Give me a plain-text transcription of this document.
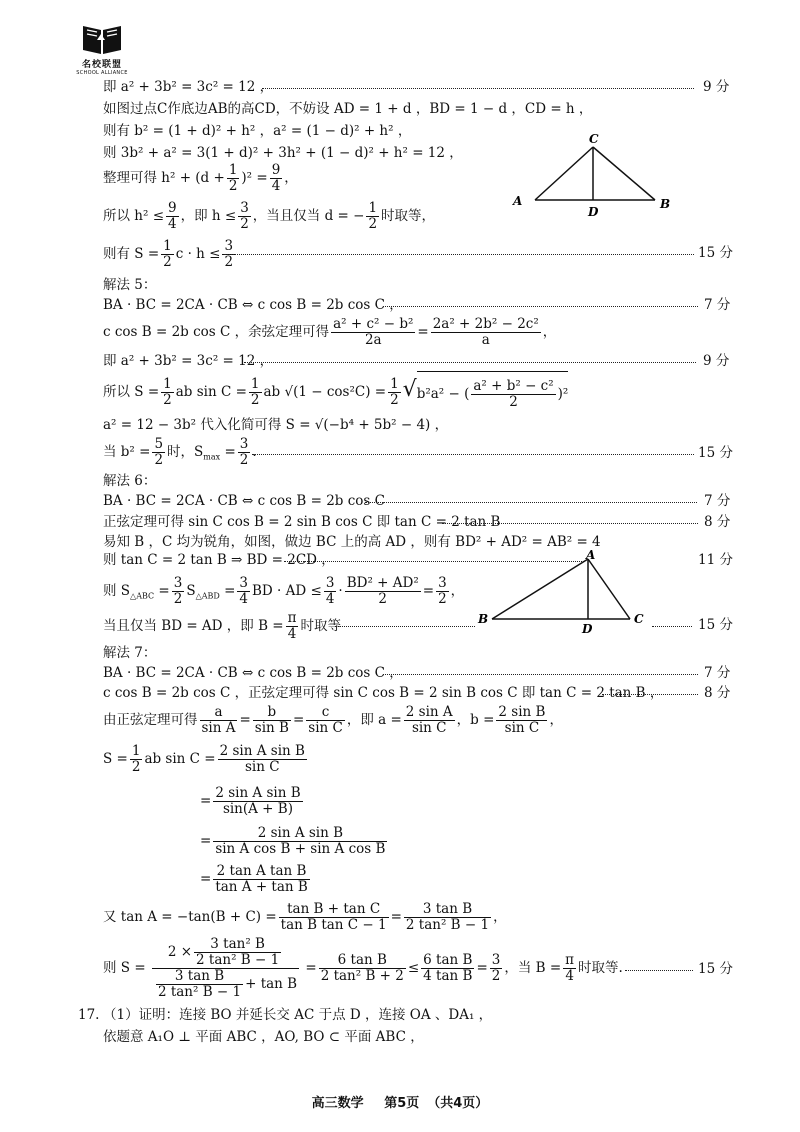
名校联盟
SCHOOL ALLIANCE
即 a² + 3b² = 3c² = 12 ，	9 分
如图过点C作底边AB的高CD，不妨设 AD = 1 + d ，BD = 1 − d ，CD = h ，
则有 b² = (1 + d)² + h² ，a² = (1 − d)² + h² ，
则 3b² + a² = 3(1 + d)² + 3h² + (1 − d)² + h² = 12 ，
整理可得 $h^2 + (d + \frac{1}{2} )^2 = \frac{9}{4}$ ，
所以 $h^2 \le \frac{9}{4}$ ，即 $h \le \frac{3}{2}$ ，当且仅当 d = − $\frac{1}{2}$ 时取等，
C
A
D
B
则有 $S = \frac{1}{2}$ $c \cdot h \le \frac{3}{2}$	15 分
解法 5：
BA · BC = 2CA · CB ⇔ c cos B = 2b cos C ，	7 分
c cos B = 2b cos C ，余弦定理可得 $\frac{\text{a² + c² − b²}}{2a} = \frac{\text{2a² + 2b² − 2c²}}{a}$ ，
即 a² + 3b² = 3c² = 12 ，	9 分
所以 $S = \frac{1}{2}$ ab $\sin C = \frac{1}{2}$ ab $√(1 - \cos^2C) = \frac{1}{2} √b^2a^2$ − ( $\frac{\text{a² + b² − c²}}{2} )^2$
a² = 12 − 3b² 代入化简可得 S = √(−b⁴ + 5b² − 4) ，
当 $b^2 = \frac{5}{2}$ 时，$S_{max} = \frac{3}{2}$ .	15 分
解法 6：
BA · BC = 2CA · CB ⇔ c cos B = 2b cos C	7 分
正弦定理可得 sin C cos B = 2 sin B cos C 即 tan C = 2 tan B	8 分
易知 B ，C 均为锐角，如图，做边 BC 上的高 AD ，则有 BD² + AD² = AB² = 4
则 tan C = 2 tan B ⇒ BD = 2CD ，	11 分
则 $S_{\triangle ABC} = \frac{3}{2} S_{\triangle ABD} = \frac{3}{4}$ BD · AD ≤ $\frac{3}{4} \cdot \frac{\text{BD² + AD²}}{2} = \frac{3}{2}$ ，
A
B
D
C
当且仅当 BD = AD ，即 $B = \frac{\pi}{4}$ 时取等	15 分
解法 7：
BA · BC = 2CA · CB ⇔ c cos B = 2b cos C ，	7 分
c cos B = 2b cos C ，正弦定理可得 sin C cos B = 2 sin B cos C 即 tan C = 2 tan B ，	8 分
由正弦定理可得 $\frac{a}{\text{sin A}} = \frac{b}{\text{sin B}} = \frac{c}{\text{sin C}}$ ，即 $a = \frac{\text{2 sin A}}{\text{sin C}}$ ，$b = \frac{\text{2 sin B}}{\text{sin C}}$ ，
$S = \frac{1}{2}$ ab $\sin C = \frac{\text{2 sin A sin B}}{\text{sin C}}$
= $\frac{\text{2 sin A sin B}}{\sin(A + B)}$
= $\frac{\text{2 sin A sin B}}{\text{sin A cos B + sin A cos B}}$
= $\frac{\text{2 tan A tan B}}{\text{tan A + tan B}}$
又 $\tan A = -\tan(B + C) = \frac{\text{tan B + tan C}}{\text{tan B tan C − 1}} = \frac{\text{3 tan B}}{\text{2 tan² B − 1}}$ ，
则 $S = \frac{2 \times \frac{\text{3 tan² B}}{\text{2 tan² B − 1}}}{\frac{\text{3 tan B}}{\text{2 tan² B − 1}} + \tan B} = \frac{\text{6 tan B}}{\text{2 tan² B + 2}} \le \frac{\text{6 tan B}}{\text{4 tan B}} = \frac{3}{2}$ ，当 $B = \frac{\pi}{4}$ 时取等.	15 分
17. （1）证明：连接 BO 并延长交 AC 于点 D ，连接 OA 、DA₁ ，
依题意 A₁O ⊥ 平面 ABC ，AO, BO ⊂ 平面 ABC ，
高三数学 第5页 （共4页）
